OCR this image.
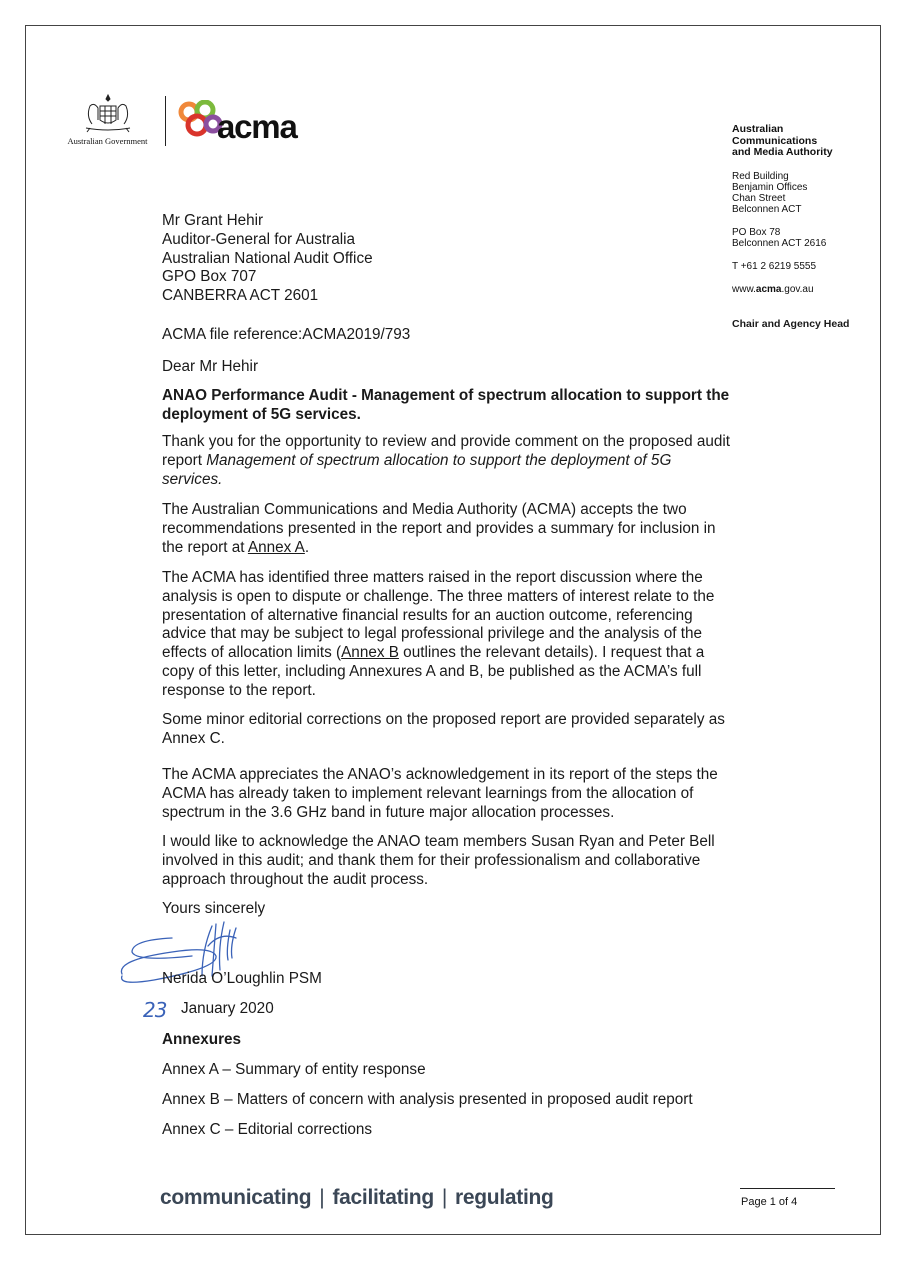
Australian Government acma	Australian
Communications
and Media Authority
Red Building
Benjamin Offices
Chan Street
Belconnen ACT
PO Box 78
Belconnen ACT 2616
T +61 2 6219 5555
www.acma.gov.au
Chair and Agency Head
Mr Grant Hehir
Auditor-General for Australia
Australian National Audit Office
GPO Box 707
CANBERRA ACT 2601
ACMA file reference:ACMA2019/793
Dear Mr Hehir
ANAO Performance Audit - Management of spectrum allocation to support the deployment of 5G services.

Thank you for the opportunity to review and provide comment on the proposed audit report Management of spectrum allocation to support the deployment of 5G services.

The Australian Communications and Media Authority (ACMA) accepts the two recommendations presented in the report and provides a summary for inclusion in the report at Annex A.

The ACMA has identified three matters raised in the report discussion where the analysis is open to dispute or challenge. The three matters of interest relate to the presentation of alternative financial results for an auction outcome, referencing advice that may be subject to legal professional privilege and the analysis of the effects of allocation limits (Annex B outlines the relevant details). I request that a copy of this letter, including Annexures A and B, be published as the ACMA’s full response to the report.

Some minor editorial corrections on the proposed report are provided separately as Annex C.
The ACMA appreciates the ANAO’s acknowledgement in its report of the steps the ACMA has already taken to implement relevant learnings from the allocation of spectrum in the 3.6 GHz band in future major allocation processes.
I would like to acknowledge the ANAO team members Susan Ryan and Peter Bell involved in this audit; and thank them for their professionalism and collaborative approach throughout the audit process.
Yours sincerely
Nerida O’Loughlin PSM
23 January 2020
Annexures
Annex A – Summary of entity response
Annex B – Matters of concern with analysis presented in proposed audit report
Annex C – Editorial corrections
communicating | facilitating | regulating	Page 1 of 4
